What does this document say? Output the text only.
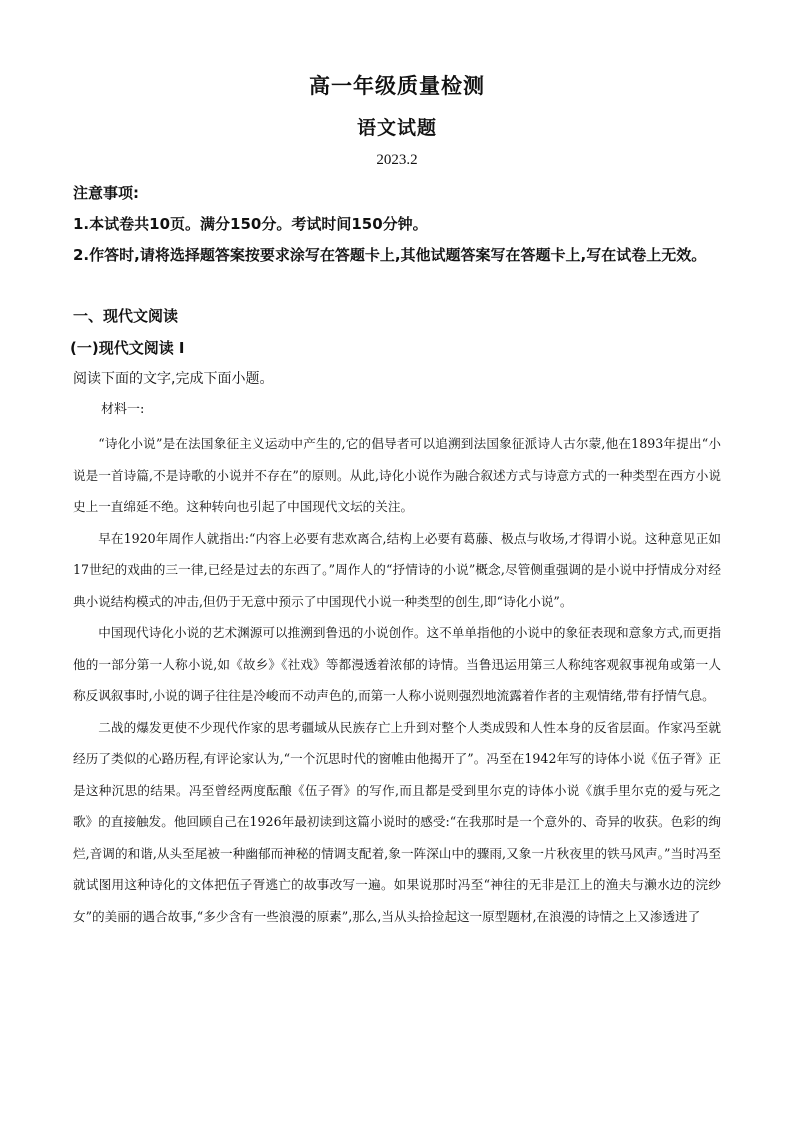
高一年级质量检测
语文试题
2023.2
注意事项:
1.本试卷共10页。满分150分。考试时间150分钟。
2.作答时,请将选择题答案按要求涂写在答题卡上,其他试题答案写在答题卡上,写在试卷上无效。
一、现代文阅读
(一)现代文阅读 I
阅读下面的文字,完成下面小题。
材料一:

“诗化小说”是在法国象征主义运动中产生的,它的倡导者可以追溯到法国象征派诗人古尔蒙,他在1893年提出“小说是一首诗篇,不是诗歌的小说并不存在”的原则。从此,诗化小说作为融合叙述方式与诗意方式的一种类型在西方小说史上一直绵延不绝。这种转向也引起了中国现代文坛的关注。

早在1920年周作人就指出:“内容上必要有悲欢离合,结构上必要有葛藤、极点与收场,才得谓小说。这种意见正如17世纪的戏曲的三一律,已经是过去的东西了。”周作人的“抒情诗的小说”概念,尽管侧重强调的是小说中抒情成分对经典小说结构模式的冲击,但仍于无意中预示了中国现代小说一种类型的创生,即“诗化小说”。

中国现代诗化小说的艺术渊源可以推溯到鲁迅的小说创作。这不单单指他的小说中的象征表现和意象方式,而更指他的一部分第一人称小说,如《故乡》《社戏》等都漫透着浓郁的诗情。当鲁迅运用第三人称纯客观叙事视角或第一人称反讽叙事时,小说的调子往往是冷峻而不动声色的,而第一人称小说则强烈地流露着作者的主观情绪,带有抒情气息。

二战的爆发更使不少现代作家的思考疆域从民族存亡上升到对整个人类成毁和人性本身的反省层面。作家冯至就经历了类似的心路历程,有评论家认为,“一个沉思时代的窗帷由他揭开了”。冯至在1942年写的诗体小说《伍子胥》正是这种沉思的结果。冯至曾经两度酝酿《伍子胥》的写作,而且都是受到里尔克的诗体小说《旗手里尔克的爱与死之歌》的直接触发。他回顾自己在1926年最初读到这篇小说时的感受:“在我那时是一个意外的、奇异的收获。色彩的绚烂,音调的和谐,从头至尾被一种幽郁而神秘的情调支配着,象一阵深山中的骤雨,又象一片秋夜里的铁马风声。”当时冯至就试图用这种诗化的文体把伍子胥逃亡的故事改写一遍。如果说那时冯至“神往的无非是江上的渔夫与濑水边的浣纱女”的美丽的遇合故事,“多少含有一些浪漫的原素”,那么,当从头拾捡起这一原型题材,在浪漫的诗情之上又渗透进了
